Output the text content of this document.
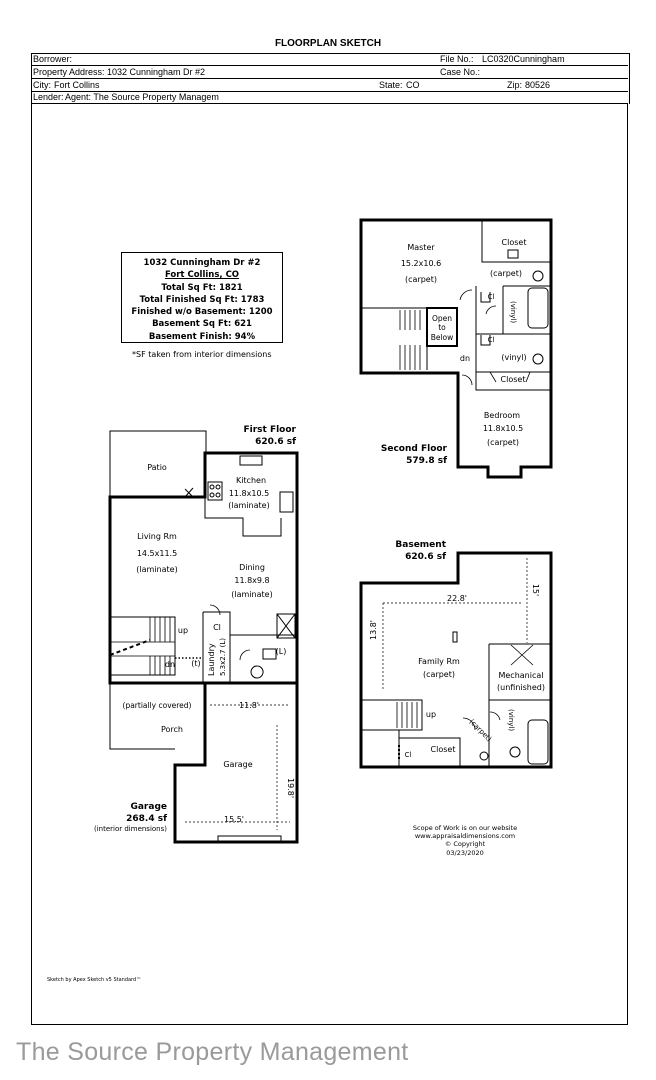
FLOORPLAN SKETCH
Borrower:	File No.: LC0320Cunningham
Property Address: 1032 Cunningham Dr #2	Case No.:
City: Fort Collins	State: CO	Zip: 80526
Lender: Agent: The Source Property Managem
1032 Cunningham Dr #2
Fort Collins, CO
Total Sq Ft: 1821
Total Finished Sq Ft: 1783
Finished w/o Basement: 1200
Basement Sq Ft: 621
Basement Finish: 94%
*SF taken from interior dimensions
First Floor
620.6 sf
Second Floor
579.8 sf
Basement
620.6 sf
Garage
268.4 sf
(interior dimensions)
Patio
Kitchen
11.8x10.5
(laminate)
Living Rm
14.5x11.5
(laminate)	Dining
11.8x9.8
(laminate)
Cl
up
dn (t)
(L)
Laundry 5.3x2.7 (L)
(partially covered)
Porch
Garage
11.8'
19.8'
15.5'
Master
15.2x10.6
(carpet)
Closet
(carpet)
Open
to
Below
dn
Cl
Cl
(vinyl)
(vinyl)
Closet
Bedroom
11.8x10.5
(carpet)
22.8'
13.8'
15'
Family Rm
(carpet)	Mechanical
(unfinished)
up
(carpet) (vinyl)
Closet
Cl
Scope of Work is on our website
www.appraisaldimensions.com
© Copyright
03/23/2020
Sketch by Apex Sketch v5 Standard™
The Source Property Management
